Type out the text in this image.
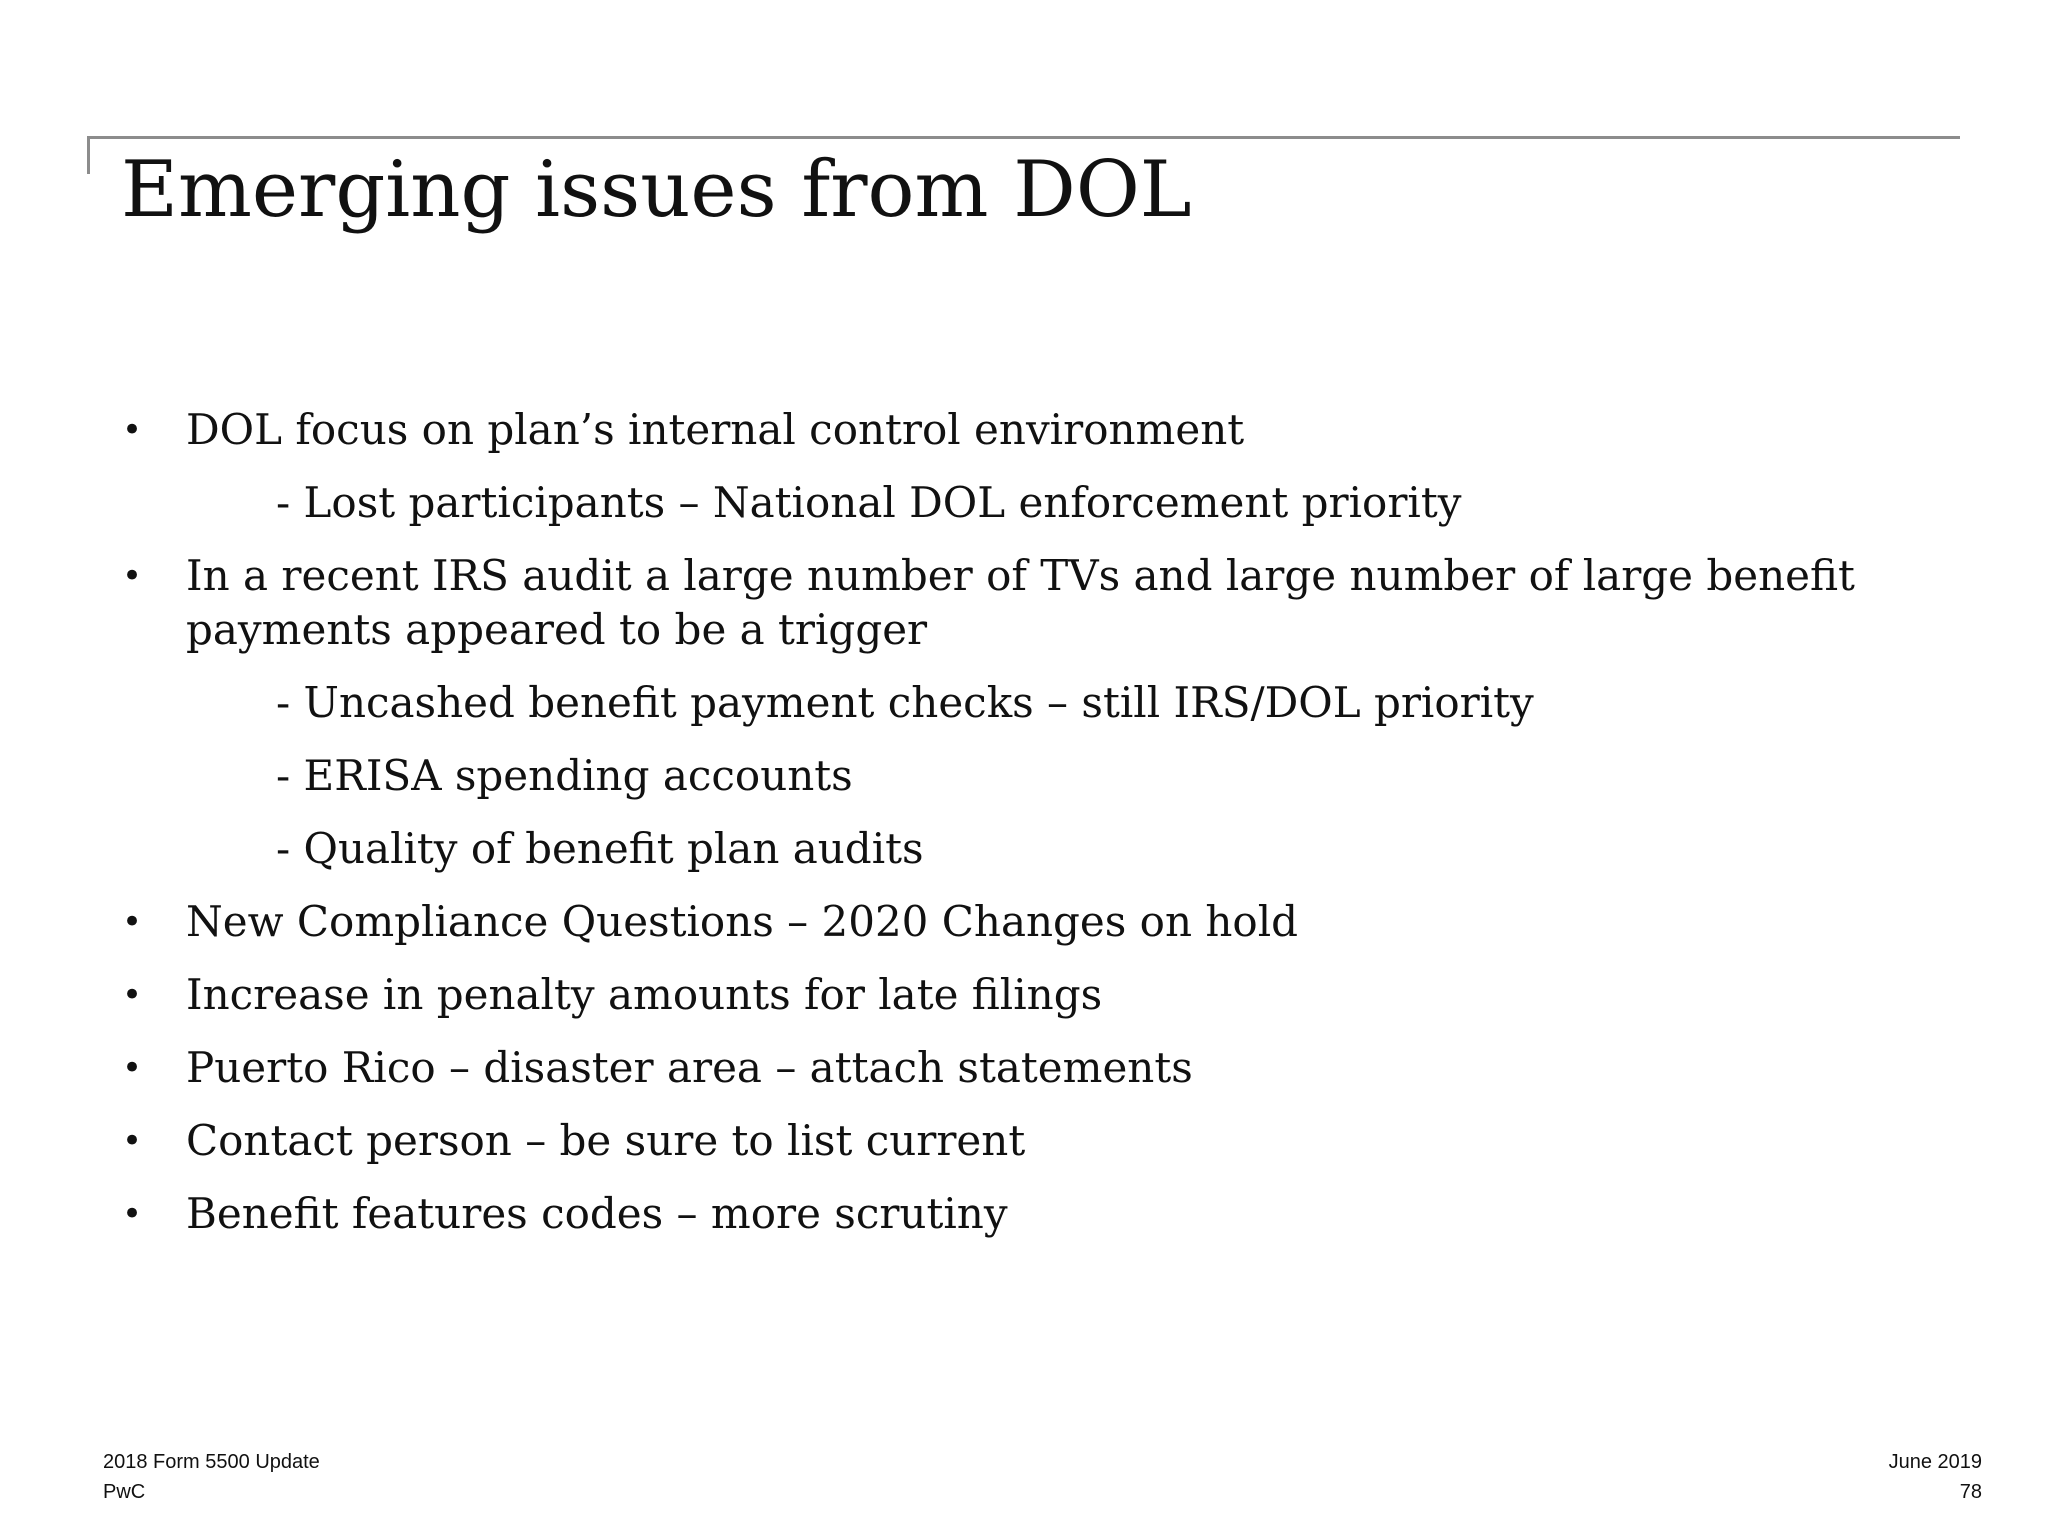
Emerging issues from DOL
• DOL focus on plan’s internal control environment
- Lost participants – National DOL enforcement priority
• In a recent IRS audit a large number of TVs and large number of large benefit
payments appeared to be a trigger
- Uncashed benefit payment checks – still IRS/DOL priority
- ERISA spending accounts
- Quality of benefit plan audits
• New Compliance Questions – 2020 Changes on hold
• Increase in penalty amounts for late filings
• Puerto Rico – disaster area – attach statements
• Contact person – be sure to list current
• Benefit features codes – more scrutiny
2018 Form 5500 Update
PwC
June 2019
78
